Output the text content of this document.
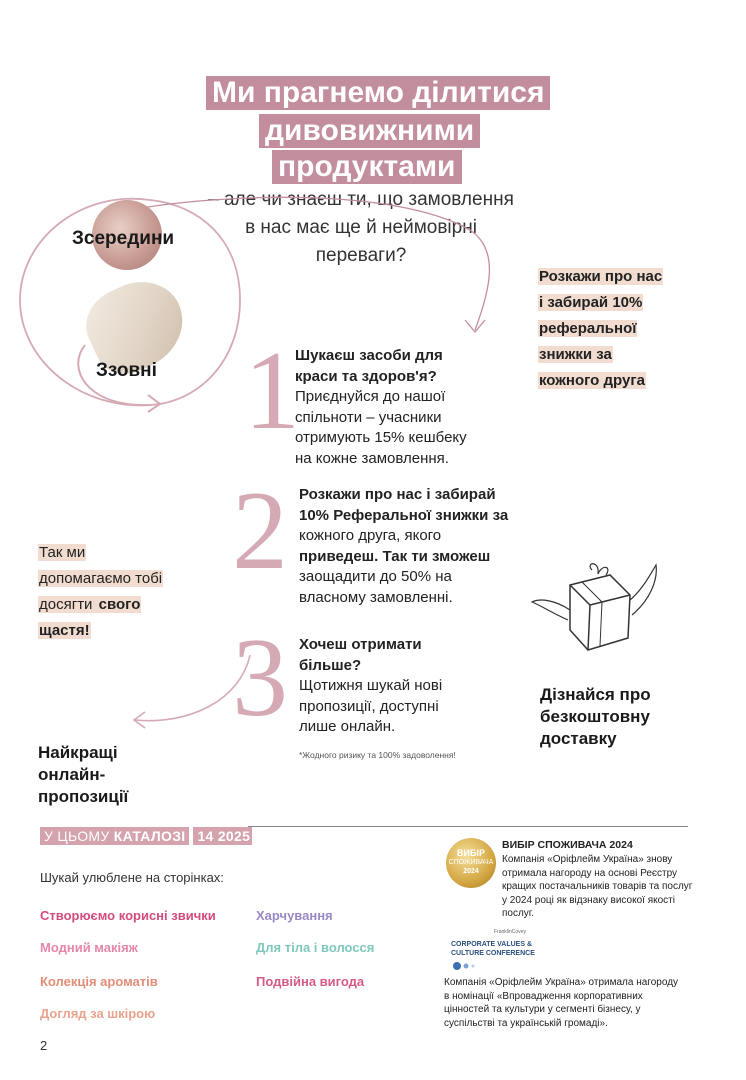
Ми прагнемо ділитися
дивовижними
продуктами
– але чи знаєш ти, що замовлення
в нас має ще й неймовірні
переваги?
Зсередини
Ззовні
Розкажи про нас
і забирай 10%
реферальної
знижки за
кожного друга
1
Шукаєш засоби для
краси та здоров'я?
Приєднуйся до нашої
спільноти – учасники
отримують 15% кешбеку
на кожне замовлення.
2 Розкажи про нас і забирай
10% Реферальної знижки за
кожного друга, якого
приведеш. Так ти зможеш
заощадити до 50% на
власному замовленні.
3 Хочеш отримати
більше?
Щотижня шукай нові
пропозиції, доступні
лише онлайн.
*Жодного ризику та 100% задоволення!
Так ми
допомагаємо тобі
досягти свого
щастя!
Найкращі
онлайн-
пропозиції
Дізнайся про
безкоштовну
доставку
У ЦЬОМУ КАТАЛОЗІ 14 2025
Шукай улюблене на сторінках:
Створюємо корисні звички
Модний макіяж
Колекція ароматів
Догляд за шкірою
Харчування
Для тіла і волосся
Подвійна вигода
ВИБІР
СПОЖИВАЧА
2024
ВИБІР СПОЖИВАЧА 2024
Компанія «Оріфлейм Україна» знову
отримала нагороду на основі Реєстру
кращих постачальників товарів та послуг
у 2024 році як відзнаку високої якості
послуг.
FranklinCovey
CORPORATE VALUES &
CULTURE CONFERENCE
Компанія «Оріфлейм Україна» отримала нагороду
в номінації «Впровадження корпоративних
цінностей та культури у сегменті бізнесу, у
суспільстві та українській громаді».
2
